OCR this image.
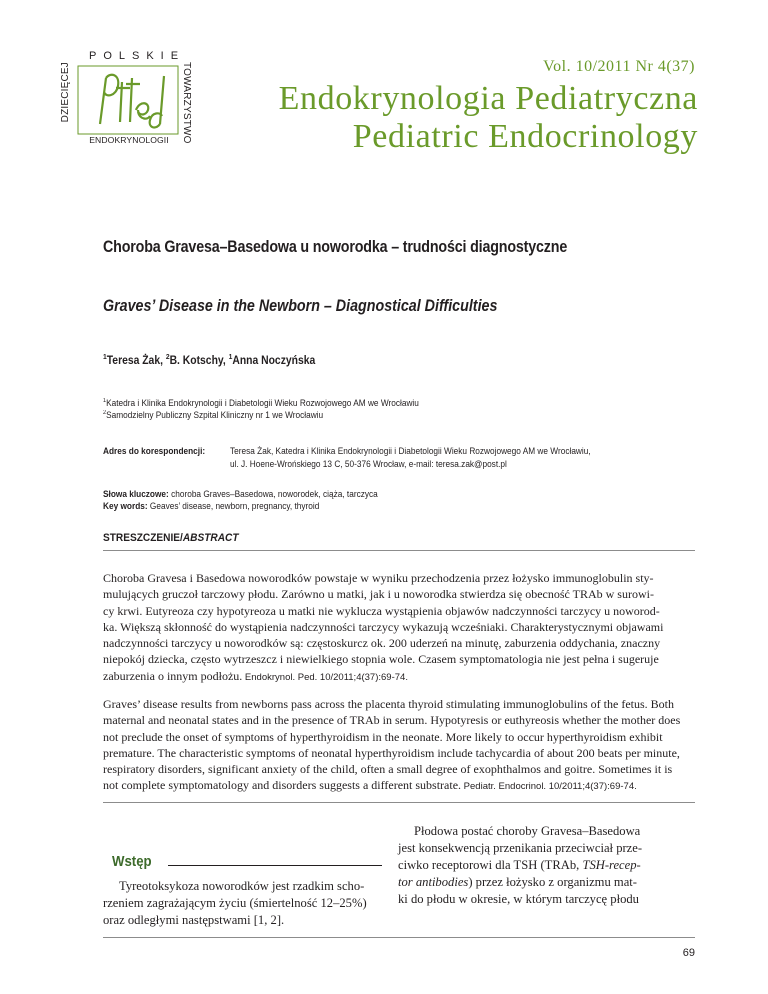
POLSKIE
DZIECIĘCEJ	TOWARZYSTWO
ENDOKRYNOLOGII
Vol. 10/2011 Nr 4(37)
Endokrynologia Pediatryczna
Pediatric Endocrinology
Choroba Gravesa–Basedowa u noworodka – trudności diagnostyczne
Graves’ Disease in the Newborn – Diagnostical Difficulties
$^1$Teresa Żak, $^2$B. Kotschy, $^1$Anna Noczyńska
$^1$Katedra i Klinika Endokrynologii i Diabetologii Wieku Rozwojowego AM we Wrocławiu
$^2$Samodzielny Publiczny Szpital Kliniczny nr 1 we Wrocławiu
Adres do korespondencji:	Teresa Żak, Katedra i Klinika Endokrynologii i Diabetologii Wieku Rozwojowego AM we Wrocławiu,
ul. J. Hoene-Wrońskiego 13 C, 50-376 Wrocław, e-mail: teresa.zak@post.pl
Słowa kluczowe: choroba Graves–Basedowa, noworodek, ciąża, tarczyca
Key words: Geaves’ disease, newborn, pregnancy, thyroid
STRESZCZENIE/ABSTRACT
Choroba Gravesa i Basedowa noworodków powstaje w wyniku przechodzenia przez łożysko immunoglobulin sty-
mulujących gruczoł tarczowy płodu. Zarówno u matki, jak i u noworodka stwierdza się obecność TRAb w surowi-
cy krwi. Eutyreoza czy hypotyreoza u matki nie wyklucza wystąpienia objawów nadczynności tarczycy u noworod-
ka. Większą skłonność do wystąpienia nadczynności tarczycy wykazują wcześniaki. Charakterystycznymi objawami
nadczynności tarczycy u noworodków są: częstoskurcz ok. 200 uderzeń na minutę, zaburzenia oddychania, znaczny
niepokój dziecka, często wytrzeszcz i niewielkiego stopnia wole. Czasem symptomatologia nie jest pełna i sugeruje
zaburzenia o innym podłożu. Endokrynol. Ped. 10/2011;4(37):69-74.
Graves’ disease results from newborns pass across the placenta thyroid stimulating immunoglobulins of the fetus. Both
maternal and neonatal states and in the presence of TRAb in serum. Hypotyresis or euthyreosis whether the mother does
not preclude the onset of symptoms of hyperthyroidism in the neonate. More likely to occur hyperthyroidism exhibit
premature. The characteristic symptoms of neonatal hyperthyroidism include tachycardia of about 200 beats per minute,
respiratory disorders, significant anxiety of the child, often a small degree of exophthalmos and goitre. Sometimes it is
not complete symptomatology and disorders suggests a different substrate. Pediatr. Endocrinol. 10/2011;4(37):69-74.
Wstęp
Tyreotoksykoza noworodków jest rzadkim scho-
rzeniem zagrażającym życiu (śmiertelność 12–25%)
oraz odległymi następstwami [1, 2].
Płodowa postać choroby Gravesa–Basedowa
jest konsekwencją przenikania przeciwciał prze-
ciwko receptorowi dla TSH (TRAb, TSH-recep-
tor antibodies) przez łożysko z organizmu mat-
ki do płodu w okresie, w którym tarczycę płodu
69
